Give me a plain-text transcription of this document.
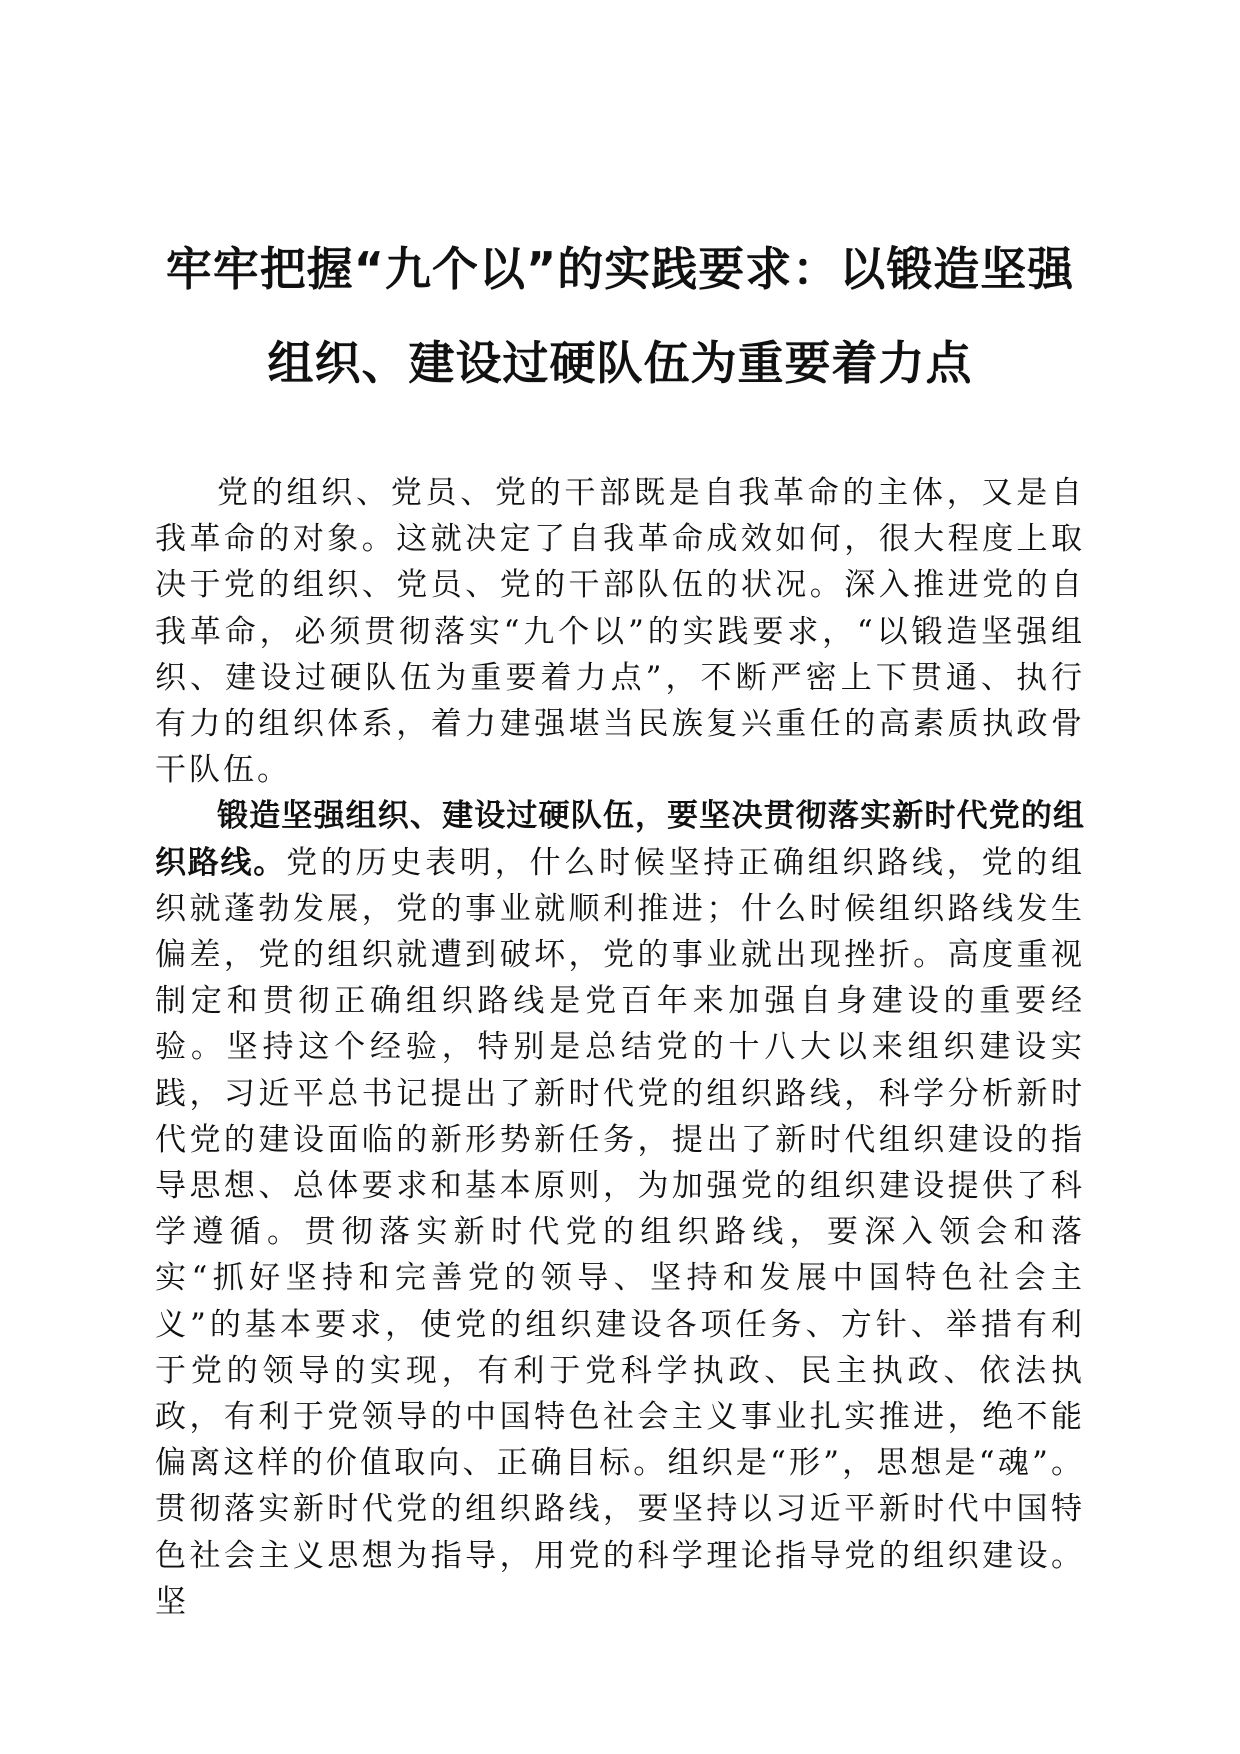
牢牢把握“九个以”的实践要求：以锻造坚强
组织、建设过硬队伍为重要着力点

党的组织、党员、党的干部既是自我革命的主体，又是自我革命的对象。这就决定了自我革命成效如何，很大程度上取决于党的组织、党员、党的干部队伍的状况。深入推进党的自我革命，必须贯彻落实“九个以”的实践要求，“以锻造坚强组织、建设过硬队伍为重要着力点”，不断严密上下贯通、执行有力的组织体系，着力建强堪当民族复兴重任的高素质执政骨干队伍。

锻造坚强组织、建设过硬队伍，要坚决贯彻落实新时代党的组织路线。党的历史表明，什么时候坚持正确组织路线，党的组织就蓬勃发展，党的事业就顺利推进；什么时候组织路线发生偏差，党的组织就遭到破坏，党的事业就出现挫折。高度重视制定和贯彻正确组织路线是党百年来加强自身建设的重要经验。坚持这个经验，特别是总结党的十八大以来组织建设实践，习近平总书记提出了新时代党的组织路线，科学分析新时代党的建设面临的新形势新任务，提出了新时代组织建设的指导思想、总体要求和基本原则，为加强党的组织建设提供了科学遵循。贯彻落实新时代党的组织路线，要深入领会和落实“抓好坚持和完善党的领导、坚持和发展中国特色社会主义”的基本要求，使党的组织建设各项任务、方针、举措有利于党的领导的实现，有利于党科学执政、民主执政、依法执政，有利于党领导的中国特色社会主义事业扎实推进，绝不能偏离这样的价值取向、正确目标。组织是“形”，思想是“魂”。贯彻落实新时代党的组织路线，要坚持以习近平新时代中国特色社会主义思想为指导，用党的科学理论指导党的组织建设。坚
